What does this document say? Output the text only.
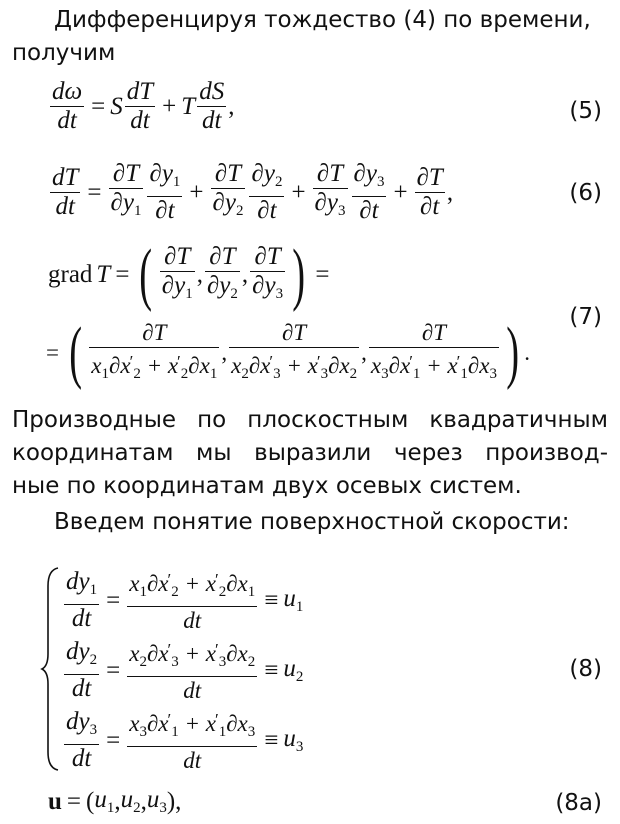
Дифференцируя тождество (4) по времени,
получим
$\frac{d\omega}{dt} = S \frac{dT}{dt} + T \frac{dS}{dt}$ ,	(5)
$\frac{dT}{dt} = \frac{\partial T}{\partial y_1} \frac{\partial y_1}{\partial t} + \frac{\partial T}{\partial y_2} \frac{\partial y_2}{\partial t} + \frac{\partial T}{\partial y_3} \frac{\partial y_3}{\partial t} + \frac{\partial T}{\partial t}$ ,	(6)
grad T = ( $\frac{\partial T}{\partial y_1}$ , $\frac{\partial T}{\partial y_2}$ , $\frac{\partial T}{\partial y_3}$ ) =
= ( $\frac{\partial T}{x_1\partial x'_2 + x'_2\partial x_1}$ , $\frac{\partial T}{x_2\partial x'_3 + x'_3\partial x_2}$ , $\frac{\partial T}{x_3\partial x'_1 + x'_1\partial x_3}$ ) .
(7)
Производные по плоскостным квадратичным
координатам мы выразили через производ-
ные по координатам двух осевых систем.
Введем понятие поверхностной скорости:
$\frac{dy_1}{dt} = \frac{x_1\partial x'_2 + x'_2\partial x_1}{dt} \equiv u_1$
$\frac{dy_2}{dt} = \frac{x_2\partial x'_3 + x'_3\partial x_2}{dt} \equiv u_2$	(8)
$\frac{dy_3}{dt} = \frac{x_3\partial x'_1 + x'_1\partial x_3}{dt} \equiv u_3$
u = ( $u_1$ , $u_2$ , $u_3$ ),	(8a)
